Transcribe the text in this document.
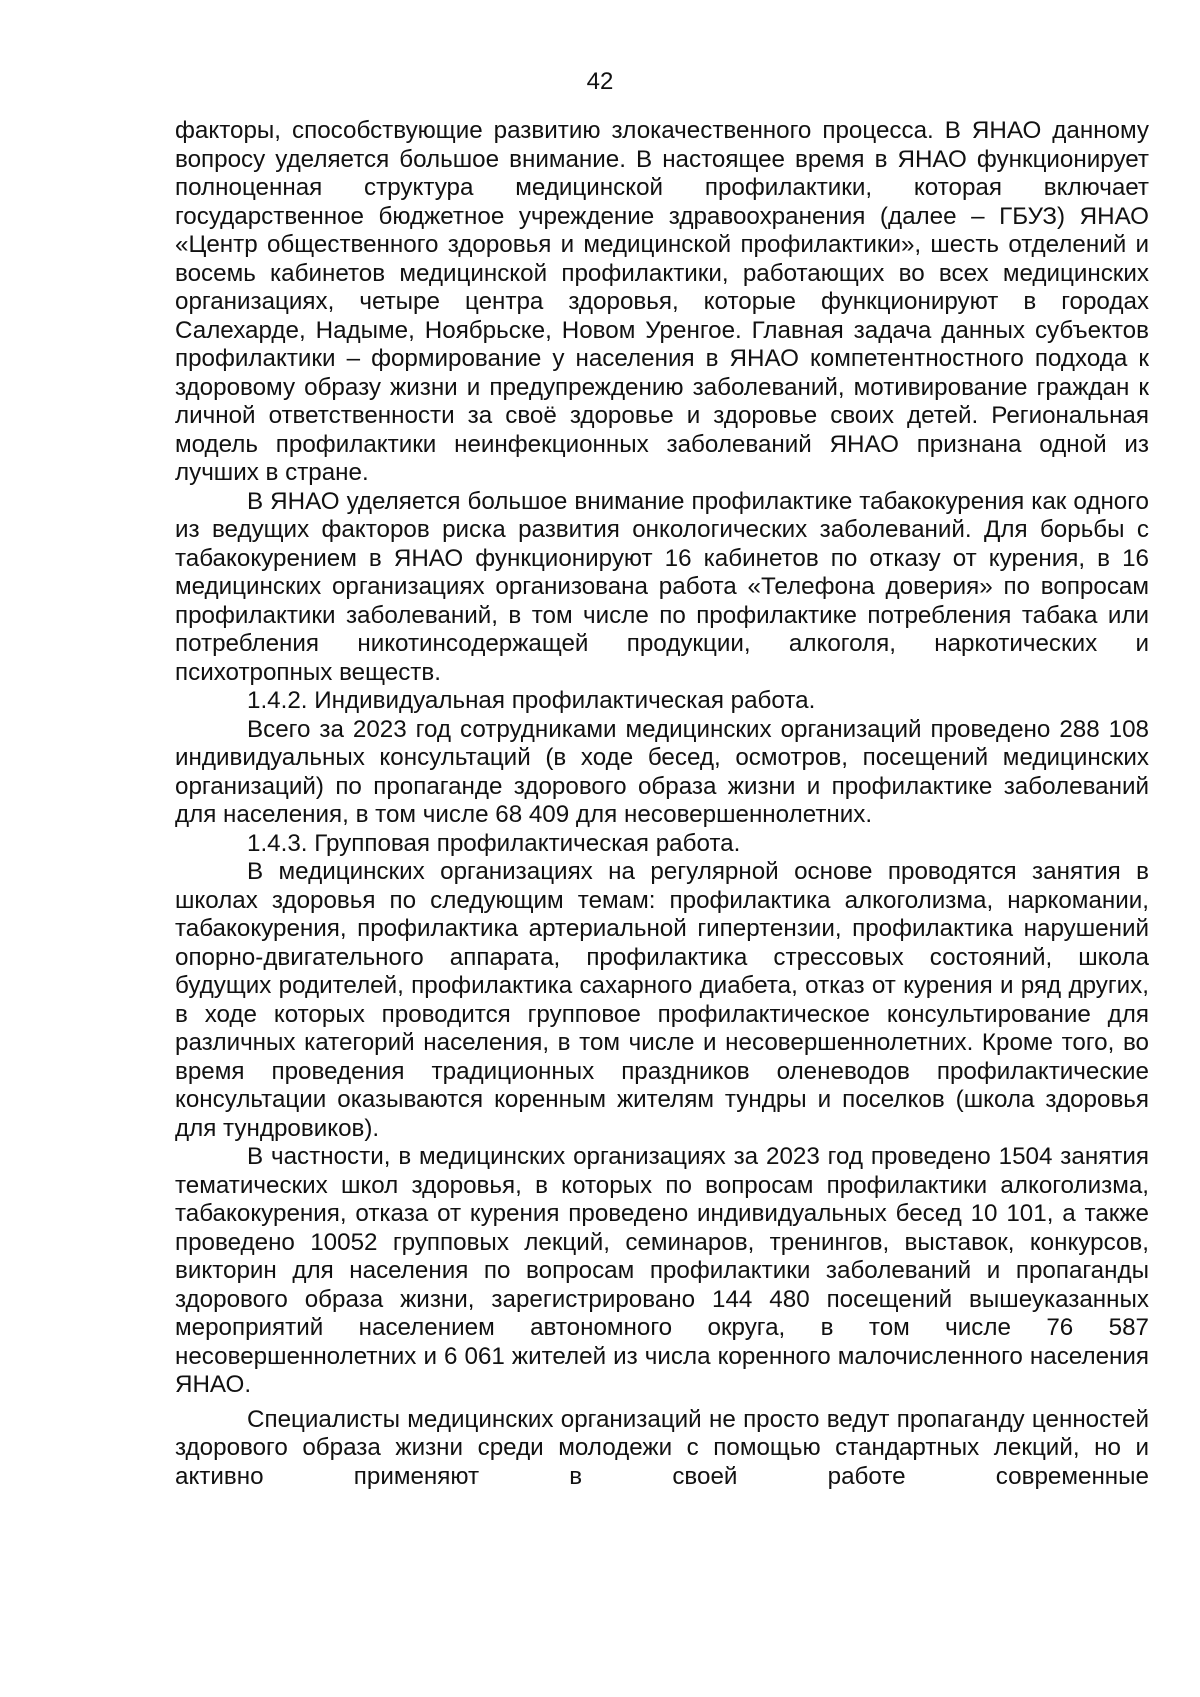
42

факторы, способствующие развитию злокачественного процесса. В ЯНАО данному вопросу уделяется большое внимание. В настоящее время в ЯНАО функционирует полноценная структура медицинской профилактики, которая включает государственное бюджетное учреждение здравоохранения (далее – ГБУЗ) ЯНАО «Центр общественного здоровья и медицинской профилактики», шесть отделений и восемь кабинетов медицинской профилактики, работающих во всех медицинских организациях, четыре центра здоровья, которые функционируют в городах Салехарде, Надыме, Ноябрьске, Новом Уренгое. Главная задача данных субъектов профилактики – формирование у населения в ЯНАО компетентностного подхода к здоровому образу жизни и предупреждению заболеваний, мотивирование граждан к личной ответственности за своё здоровье и здоровье своих детей. Региональная модель профилактики неинфекционных заболеваний ЯНАО признана одной из лучших в стране.

В ЯНАО уделяется большое внимание профилактике табакокурения как одного из ведущих факторов риска развития онкологических заболеваний. Для борьбы с табакокурением в ЯНАО функционируют 16 кабинетов по отказу от курения, в 16 медицинских организациях организована работа «Телефона доверия» по вопросам профилактики заболеваний, в том числе по профилактике потребления табака или потребления никотинсодержащей продукции, алкоголя, наркотических и психотропных веществ.

1.4.2. Индивидуальная профилактическая работа.

Всего за 2023 год сотрудниками медицинских организаций проведено 288 108 индивидуальных консультаций (в ходе бесед, осмотров, посещений медицинских организаций) по пропаганде здорового образа жизни и профилактике заболеваний для населения, в том числе 68 409 для несовершеннолетних.

1.4.3. Групповая профилактическая работа.

В медицинских организациях на регулярной основе проводятся занятия в школах здоровья по следующим темам: профилактика алкоголизма, наркомании, табакокурения, профилактика артериальной гипертензии, профилактика нарушений опорно-двигательного аппарата, профилактика стрессовых состояний, школа будущих родителей, профилактика сахарного диабета, отказ от курения и ряд других, в ходе которых проводится групповое профилактическое консультирование для различных категорий населения, в том числе и несовершеннолетних. Кроме того, во время проведения традиционных праздников оленеводов профилактические консультации оказываются коренным жителям тундры и поселков (школа здоровья для тундровиков).

В частности, в медицинских организациях за 2023 год проведено 1504 занятия тематических школ здоровья, в которых по вопросам профилактики алкоголизма, табакокурения, отказа от курения проведено индивидуальных бесед 10 101, а также проведено 10052 групповых лекций, семинаров, тренингов, выставок, конкурсов, викторин для населения по вопросам профилактики заболеваний и пропаганды здорового образа жизни, зарегистрировано 144 480 посещений вышеуказанных мероприятий населением автономного округа, в том числе 76 587 несовершеннолетних и 6 061 жителей из числа коренного малочисленного населения ЯНАО.

Специалисты медицинских организаций не просто ведут пропаганду ценностей здорового образа жизни среди молодежи с помощью стандартных лекций, но и активно применяют в своей работе современные
